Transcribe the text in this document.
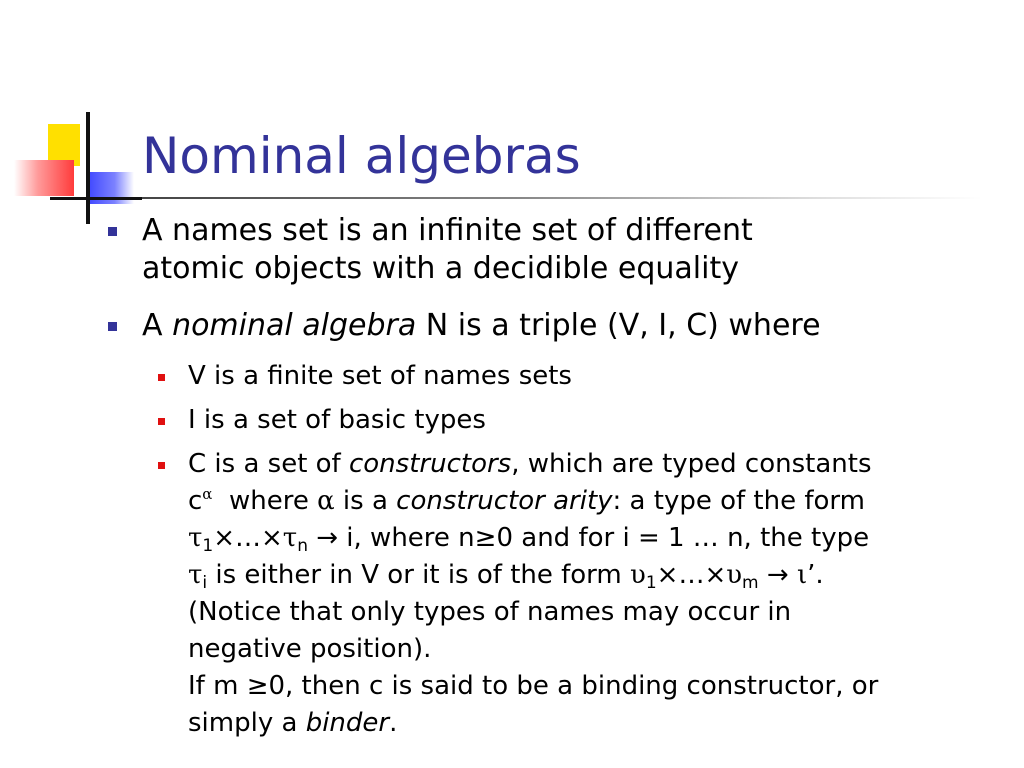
Nominal algebras
A names set is an infinite set of different
atomic objects with a decidible equality
A nominal algebra N is a triple (V, I, C) where
V is a finite set of names sets
I is a set of basic types
C is a set of constructors, which are typed constants
$c^\alpha$  where α is a constructor arity: a type of the form
$\tau_1\times\dots\times\tau_n \to i$, where n≥0 and for i = 1 … n, the type
$\tau_i$ is either in V or it is of the form $\upsilon_1\times\dots\times\upsilon_m \to \iota$’.
(Notice that only types of names may occur in
negative position).
If m ≥0, then c is said to be a binding constructor, or
simply a binder.
